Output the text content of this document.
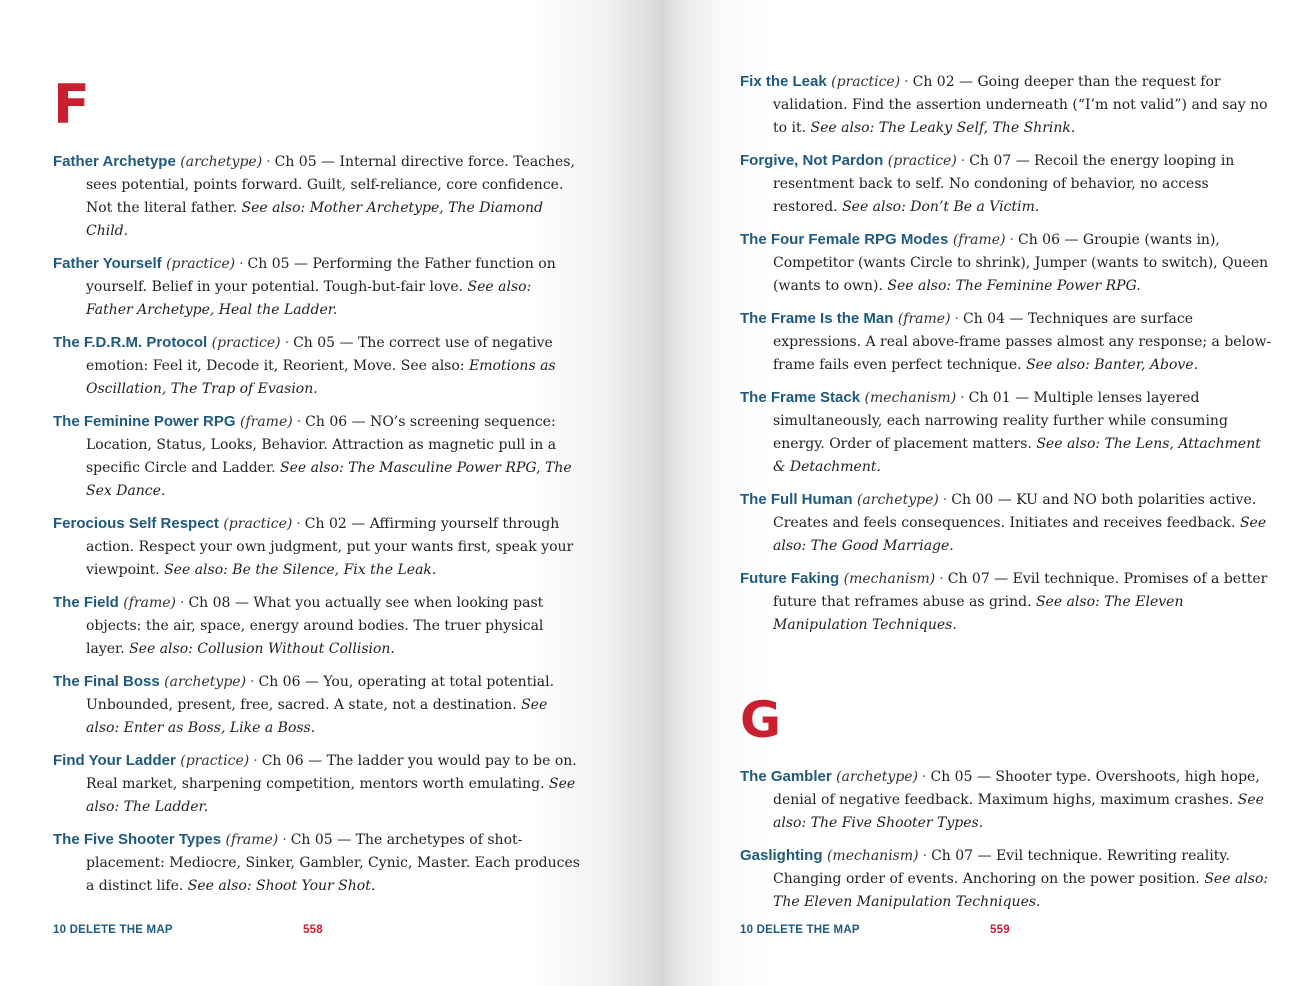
F
Father Archetype (archetype) · Ch 05 — Internal directive force. Teaches, sees potential, points forward. Guilt, self-reliance, core confidence. Not the literal father. See also: Mother Archetype, The Diamond Child.
Father Yourself (practice) · Ch 05 — Performing the Father function on yourself. Belief in your potential. Tough-but-fair love. See also: Father Archetype, Heal the Ladder.
The F.D.R.M. Protocol (practice) · Ch 05 — The correct use of negative emotion: Feel it, Decode it, Reorient, Move. See also: Emotions as Oscillation, The Trap of Evasion.
The Feminine Power RPG (frame) · Ch 06 — NO’s screening sequence: Location, Status, Looks, Behavior. Attraction as magnetic pull in a specific Circle and Ladder. See also: The Masculine Power RPG, The Sex Dance.
Ferocious Self Respect (practice) · Ch 02 — Affirming yourself through action. Respect your own judgment, put your wants first, speak your viewpoint. See also: Be the Silence, Fix the Leak.
The Field (frame) · Ch 08 — What you actually see when looking past objects: the air, space, energy around bodies. The truer physical layer. See also: Collusion Without Collision.
The Final Boss (archetype) · Ch 06 — You, operating at total potential. Unbounded, present, free, sacred. A state, not a destination. See also: Enter as Boss, Like a Boss.
Find Your Ladder (practice) · Ch 06 — The ladder you would pay to be on. Real market, sharpening competition, mentors worth emulating. See also: The Ladder.
The Five Shooter Types (frame) · Ch 05 — The archetypes of shot-placement: Mediocre, Sinker, Gambler, Cynic, Master. Each produces a distinct life. See also: Shoot Your Shot.
10 DELETE THE MAP	558
Fix the Leak (practice) · Ch 02 — Going deeper than the request for validation. Find the assertion underneath (“I’m not valid”) and say no to it. See also: The Leaky Self, The Shrink.
Forgive, Not Pardon (practice) · Ch 07 — Recoil the energy looping in resentment back to self. No condoning of behavior, no access restored. See also: Don’t Be a Victim.
The Four Female RPG Modes (frame) · Ch 06 — Groupie (wants in), Competitor (wants Circle to shrink), Jumper (wants to switch), Queen (wants to own). See also: The Feminine Power RPG.
The Frame Is the Man (frame) · Ch 04 — Techniques are surface expressions. A real above-frame passes almost any response; a below-frame fails even perfect technique. See also: Banter, Above.
The Frame Stack (mechanism) · Ch 01 — Multiple lenses layered simultaneously, each narrowing reality further while consuming energy. Order of placement matters. See also: The Lens, Attachment & Detachment.
The Full Human (archetype) · Ch 00 — KU and NO both polarities active. Creates and feels consequences. Initiates and receives feedback. See also: The Good Marriage.
Future Faking (mechanism) · Ch 07 — Evil technique. Promises of a better future that reframes abuse as grind. See also: The Eleven Manipulation Techniques.
G
The Gambler (archetype) · Ch 05 — Shooter type. Overshoots, high hope, denial of negative feedback. Maximum highs, maximum crashes. See also: The Five Shooter Types.
Gaslighting (mechanism) · Ch 07 — Evil technique. Rewriting reality. Changing order of events. Anchoring on the power position. See also: The Eleven Manipulation Techniques.
10 DELETE THE MAP	559
